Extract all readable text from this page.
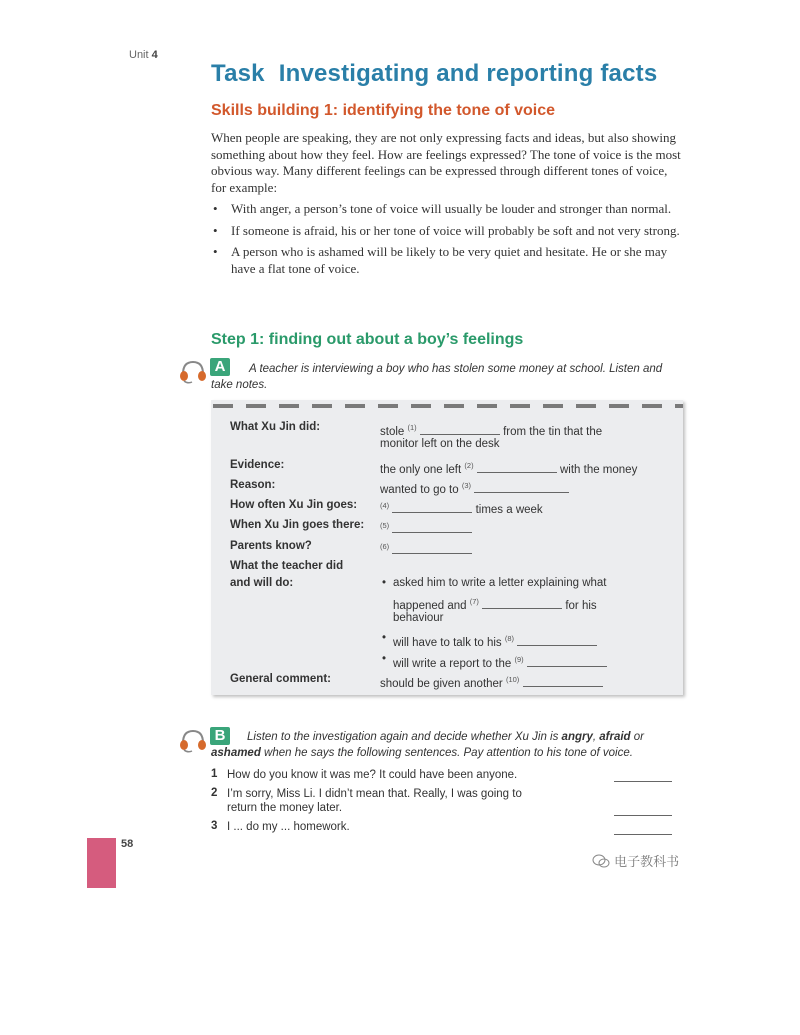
Unit 4
Task Investigating and reporting facts
Skills building 1: identifying the tone of voice
When people are speaking, they are not only expressing facts and ideas, but also showing something about how they feel. How are feelings expressed? The tone of voice is the most obvious way. Many different feelings can be expressed through different tones of voice, for example:
• With anger, a person’s tone of voice will usually be louder and stronger than normal.
• If someone is afraid, his or her tone of voice will probably be soft and not very strong.
• A person who is ashamed will be likely to be very quiet and hesitate. He or she may have a flat tone of voice.
Step 1: finding out about a boy’s feelings
A	A teacher is interviewing a boy who has stolen some money at school. Listen and take notes.
What Xu Jin did:	stole $^{(1)}$	from the tin that the
monitor left on the desk
Evidence:	the only one left $^{(2)}$	with the money
Reason:	wanted to go to $^{(3)}$
How often Xu Jin goes:	$^{(4)}$	times a week
When Xu Jin goes there: $^{(5)}$
Parents know?	$^{(6)}$
What the teacher did
and will do:	• asked him to write a letter explaining what
happened and $^{(7)}$	for his
behaviour
• will have to talk to his $^{(8)}$
• will write a report to the $^{(9)}$
General comment:	should be given another $^{(10)}$
B	Listen to the investigation again and decide whether Xu Jin is angry, afraid or ashamed when he says the following sentences. Pay attention to his tone of voice.
1 How do you know it was me? It could have been anyone.
2 I’m sorry, Miss Li. I didn’t mean that. Really, I was going to
return the money later.
3 I ... do my ... homework.
58
电子教科书
